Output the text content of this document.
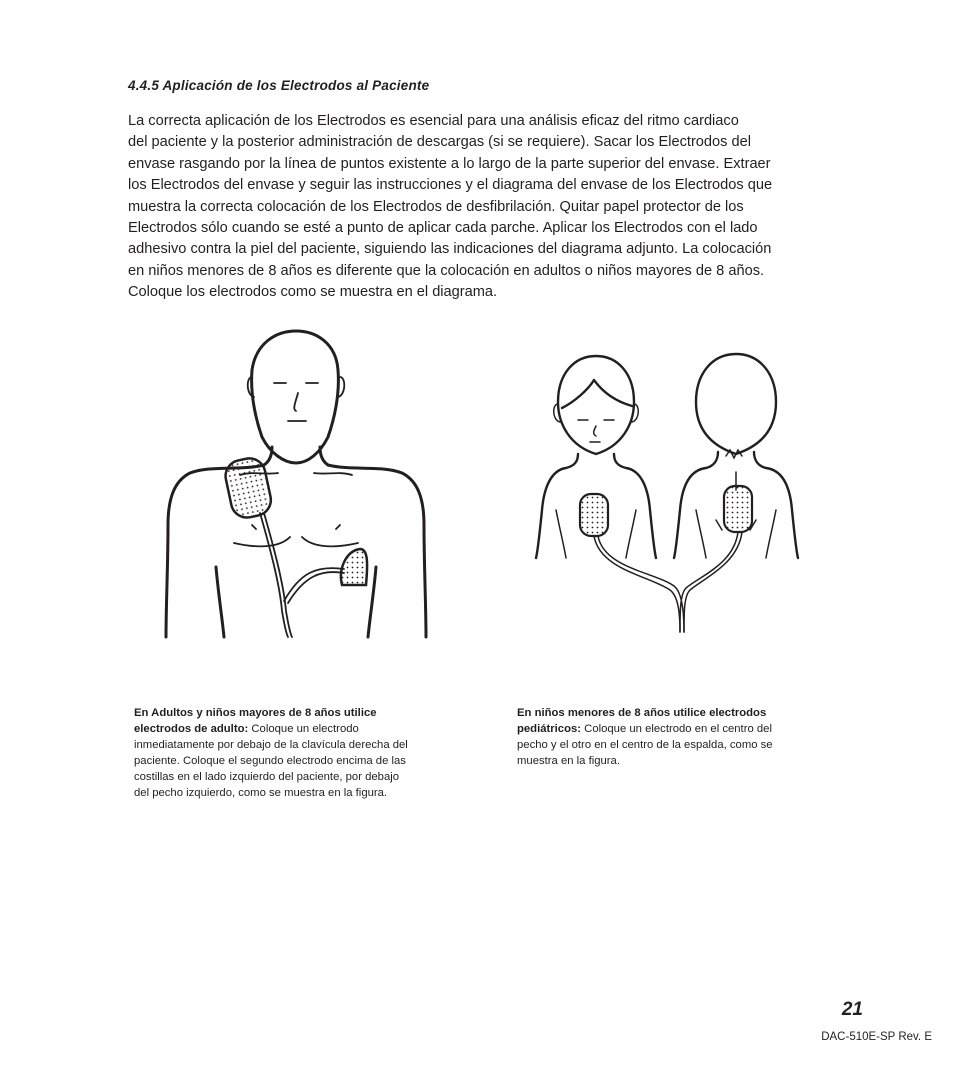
4.4.5 Aplicación de los Electrodos al Paciente
La correcta aplicación de los Electrodos es esencial para una análisis eficaz del ritmo cardiaco
del paciente y la posterior administración de descargas (si se requiere). Sacar los Electrodos del
envase rasgando por la línea de puntos existente a lo largo de la parte superior del envase. Extraer
los Electrodos del envase y seguir las instrucciones y el diagrama del envase de los Electrodos que
muestra la correcta colocación de los Electrodos de desfibrilación. Quitar papel protector de los
Electrodos sólo cuando se esté a punto de aplicar cada parche. Aplicar los Electrodos con el lado
adhesivo contra la piel del paciente, siguiendo las indicaciones del diagrama adjunto. La colocación
en niños menores de 8 años es diferente que la colocación en adultos o niños mayores de 8 años.
Coloque los electrodos como se muestra en el diagrama.
En Adultos y niños mayores de 8 años utilice
electrodos de adulto: Coloque un electrodo
inmediatamente por debajo de la clavícula derecha del
paciente. Coloque el segundo electrodo encima de las
costillas en el lado izquierdo del paciente, por debajo
del pecho izquierdo, como se muestra en la figura.
En niños menores de 8 años utilice electrodos
pediátricos: Coloque un electrodo en el centro del
pecho y el otro en el centro de la espalda, como se
muestra en la figura.
21
DAC-510E-SP Rev. E
